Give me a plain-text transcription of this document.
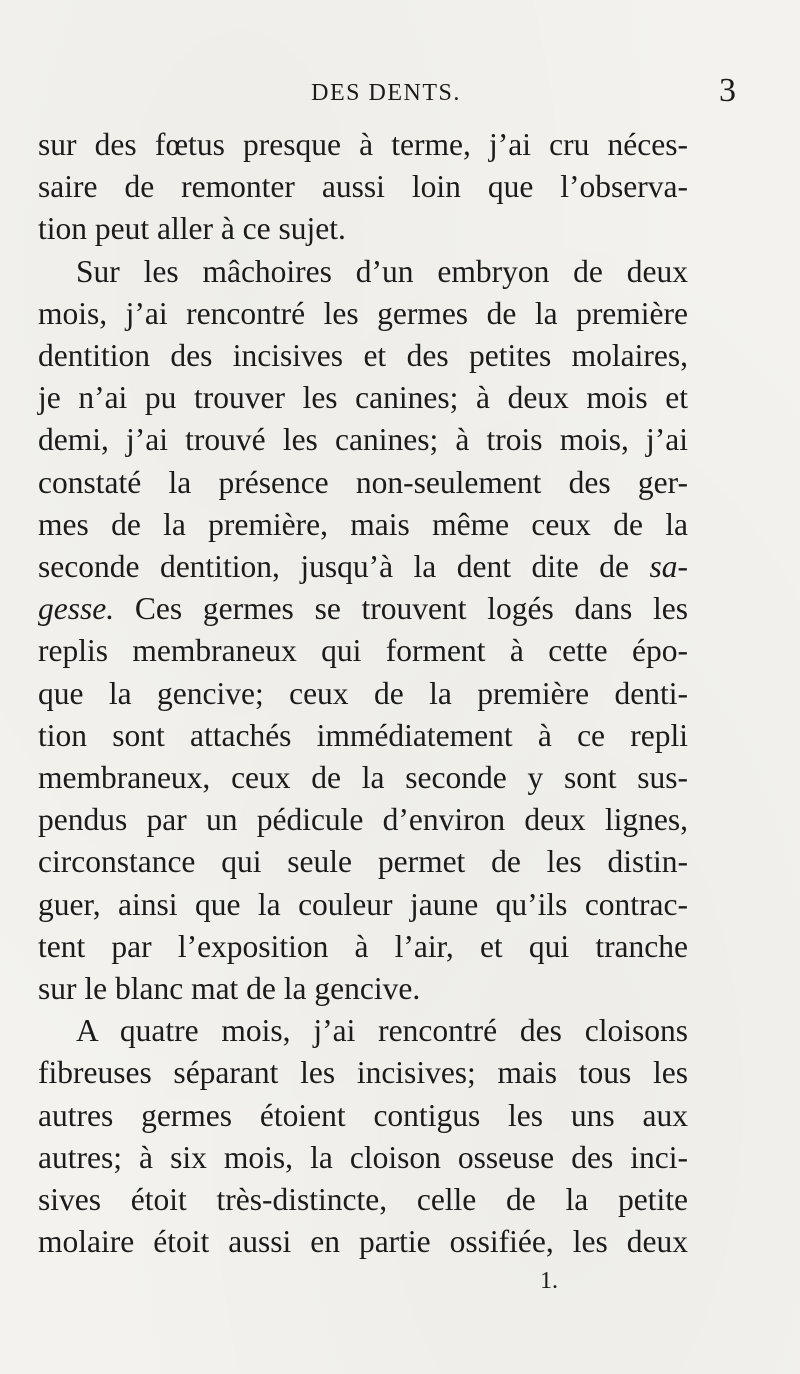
DES DENTS.	3
sur des fœtus presque à terme, j’ai cru néces-
saire de remonter aussi loin que l’observa-
tion peut aller à ce sujet.
Sur les mâchoires d’un embryon de deux
mois, j’ai rencontré les germes de la première
dentition des incisives et des petites molaires,
je n’ai pu trouver les canines; à deux mois et
demi, j’ai trouvé les canines; à trois mois, j’ai
constaté la présence non-seulement des ger-
mes de la première, mais même ceux de la
seconde dentition, jusqu’à la dent dite de sa-
gesse. Ces germes se trouvent logés dans les
replis membraneux qui forment à cette épo-
que la gencive; ceux de la première denti-
tion sont attachés immédiatement à ce repli
membraneux, ceux de la seconde y sont sus-
pendus par un pédicule d’environ deux lignes,
circonstance qui seule permet de les distin-
guer, ainsi que la couleur jaune qu’ils contrac-
tent par l’exposition à l’air, et qui tranche
sur le blanc mat de la gencive.
A quatre mois, j’ai rencontré des cloisons
fibreuses séparant les incisives; mais tous les
autres germes étoient contigus les uns aux
autres; à six mois, la cloison osseuse des inci-
sives étoit très-distincte, celle de la petite
molaire étoit aussi en partie ossifiée, les deux
1.
